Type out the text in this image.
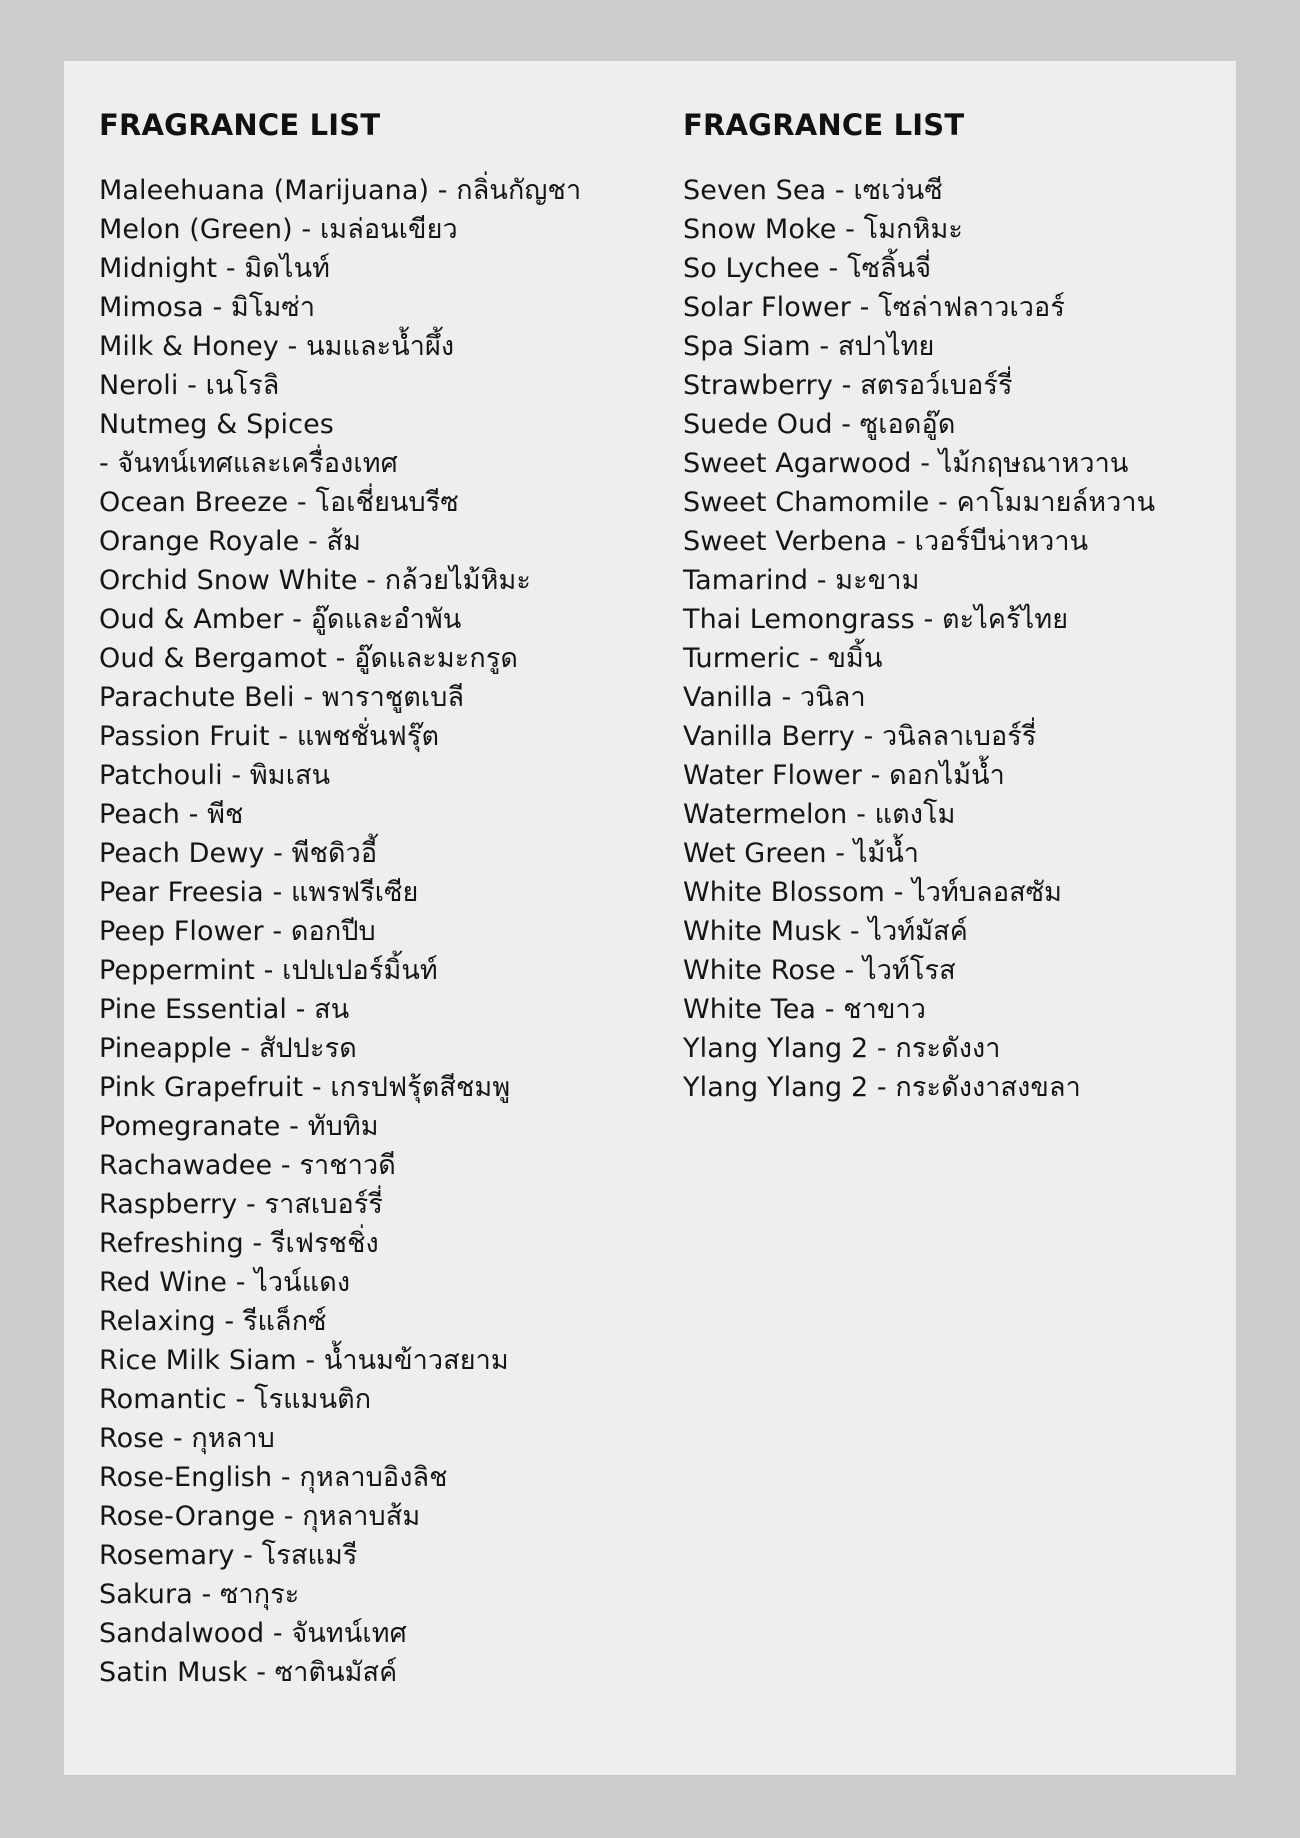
FRAGRANCE LIST
Maleehuana (Marijuana) - กลิ่นกัญชา
Melon (Green) - เมล่อนเขียว
Midnight - มิดไนท์
Mimosa - มิโมซ่า
Milk & Honey - นมและน้ำผึ้ง
Neroli - เนโรลิ
Nutmeg & Spices
- จันทน์เทศและเครื่องเทศ
Ocean Breeze - โอเชี่ยนบรีซ
Orange Royale - ส้ม
Orchid Snow White - กล้วยไม้หิมะ
Oud & Amber - อู๊ดและอำพัน
Oud & Bergamot - อู๊ดและมะกรูด
Parachute Beli - พาราชูตเบลี
Passion Fruit - แพชชั่นฟรุ๊ต
Patchouli - พิมเสน
Peach - พีช
Peach Dewy - พีชดิวอี้
Pear Freesia - แพรฟรีเซีย
Peep Flower - ดอกปีบ
Peppermint - เปปเปอร์มิ้นท์
Pine Essential - สน
Pineapple - สัปปะรด
Pink Grapefruit - เกรปฟรุ้ตสีชมพู
Pomegranate - ทับทิม
Rachawadee - ราชาวดี
Raspberry - ราสเบอร์รี่
Refreshing - รีเฟรชชิ่ง
Red Wine - ไวน์แดง
Relaxing - รีแล็กซ์
Rice Milk Siam - น้ำนมข้าวสยาม
Romantic - โรแมนติก
Rose - กุหลาบ
Rose-English - กุหลาบอิงลิช
Rose-Orange - กุหลาบส้ม
Rosemary - โรสแมรี
Sakura - ซากุระ
Sandalwood - จันทน์เทศ
Satin Musk - ซาตินมัสค์
FRAGRANCE LIST
Seven Sea - เซเว่นซี
Snow Moke - โมกหิมะ
So Lychee - โซลิ้นจี่
Solar Flower - โซล่าฟลาวเวอร์
Spa Siam - สปาไทย
Strawberry - สตรอว์เบอร์รี่
Suede Oud - ซูเอดอู๊ด
Sweet Agarwood - ไม้กฤษณาหวาน
Sweet Chamomile - คาโมมายล์หวาน
Sweet Verbena - เวอร์บีน่าหวาน
Tamarind - มะขาม
Thai Lemongrass - ตะไคร้ไทย
Turmeric - ขมิ้น
Vanilla - วนิลา
Vanilla Berry - วนิลลาเบอร์รี่
Water Flower - ดอกไม้น้ำ
Watermelon - แตงโม
Wet Green - ไม้น้ำ
White Blossom - ไวท์บลอสซัม
White Musk - ไวท์มัสค์
White Rose - ไวท์โรส
White Tea - ชาขาว
Ylang Ylang 2 - กระดังงา
Ylang Ylang 2 - กระดังงาสงขลา
